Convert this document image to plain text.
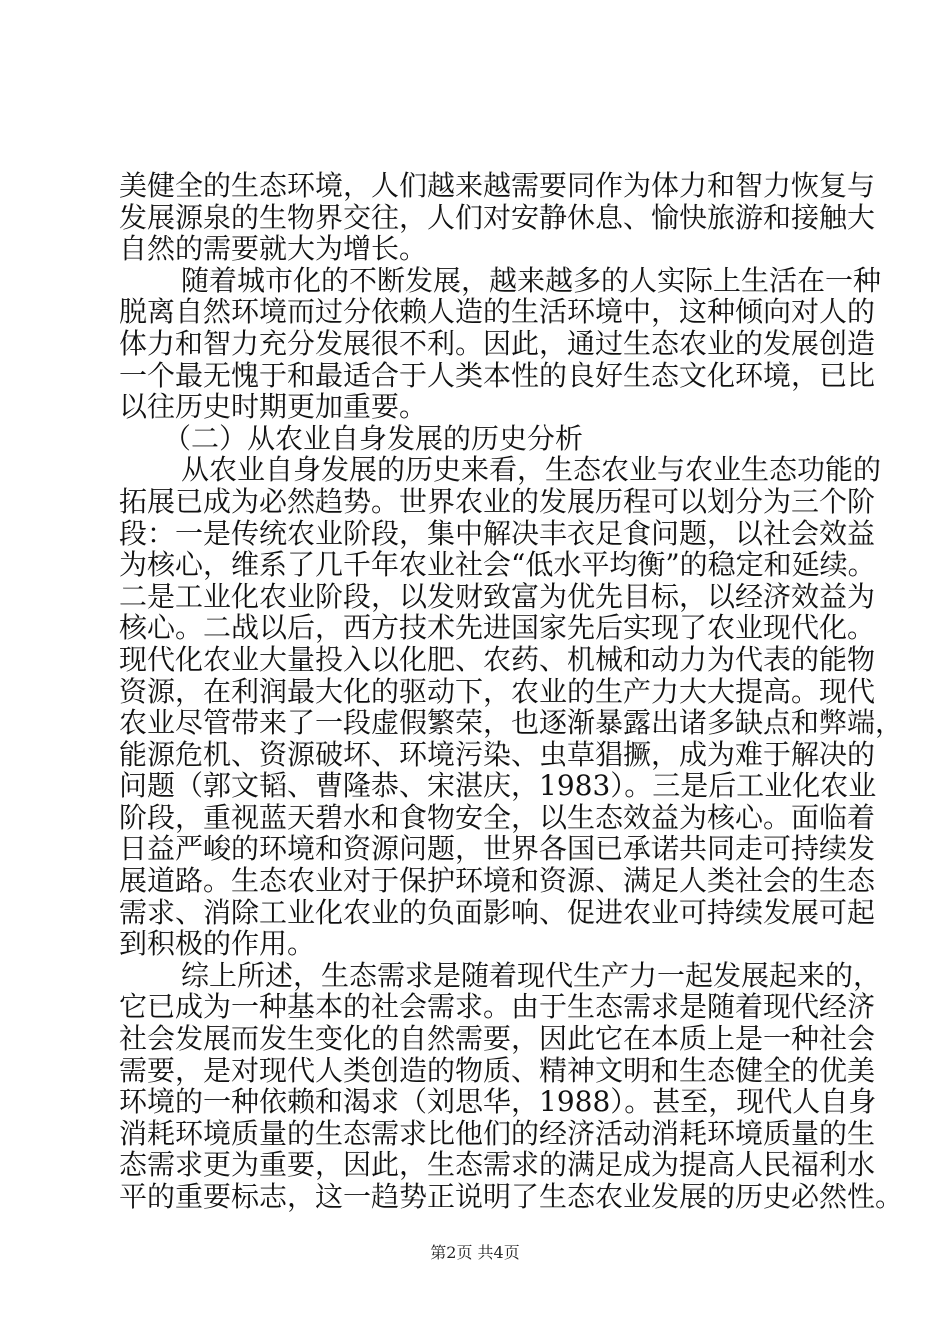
美健全的生态环境，人们越来越需要同作为体力和智力恢复与
发展源泉的生物界交往，人们对安静休息、愉快旅游和接触大
自然的需要就大为增长。
随着城市化的不断发展，越来越多的人实际上生活在一种
脱离自然环境而过分依赖人造的生活环境中，这种倾向对人的
体力和智力充分发展很不利。因此，通过生态农业的发展创造
一个最无愧于和最适合于人类本性的良好生态文化环境，已比
以往历史时期更加重要。
（二）从农业自身发展的历史分析
从农业自身发展的历史来看，生态农业与农业生态功能的
拓展已成为必然趋势。世界农业的发展历程可以划分为三个阶
段：一是传统农业阶段，集中解决丰衣足食问题，以社会效益
为核心，维系了几千年农业社会“低水平均衡”的稳定和延续。
二是工业化农业阶段，以发财致富为优先目标，以经济效益为
核心。二战以后，西方技术先进国家先后实现了农业现代化。
现代化农业大量投入以化肥、农药、机械和动力为代表的能物
资源，在利润最大化的驱动下，农业的生产力大大提高。现代
农业尽管带来了一段虚假繁荣，也逐渐暴露出诸多缺点和弊端，
能源危机、资源破坏、环境污染、虫草猖撅，成为难于解决的
问题（郭文韬、曹隆恭、宋湛庆，1983）。三是后工业化农业
阶段，重视蓝天碧水和食物安全，以生态效益为核心。面临着
日益严峻的环境和资源问题，世界各国已承诺共同走可持续发
展道路。生态农业对于保护环境和资源、满足人类社会的生态
需求、消除工业化农业的负面影响、促进农业可持续发展可起
到积极的作用。
综上所述，生态需求是随着现代生产力一起发展起来的，
它已成为一种基本的社会需求。由于生态需求是随着现代经济
社会发展而发生变化的自然需要，因此它在本质上是一种社会
需要，是对现代人类创造的物质、精神文明和生态健全的优美
环境的一种依赖和渴求（刘思华，1988）。甚至，现代人自身
消耗环境质量的生态需求比他们的经济活动消耗环境质量的生
态需求更为重要，因此，生态需求的满足成为提高人民福利水
平的重要标志，这一趋势正说明了生态农业发展的历史必然性。
第2页 共4页
